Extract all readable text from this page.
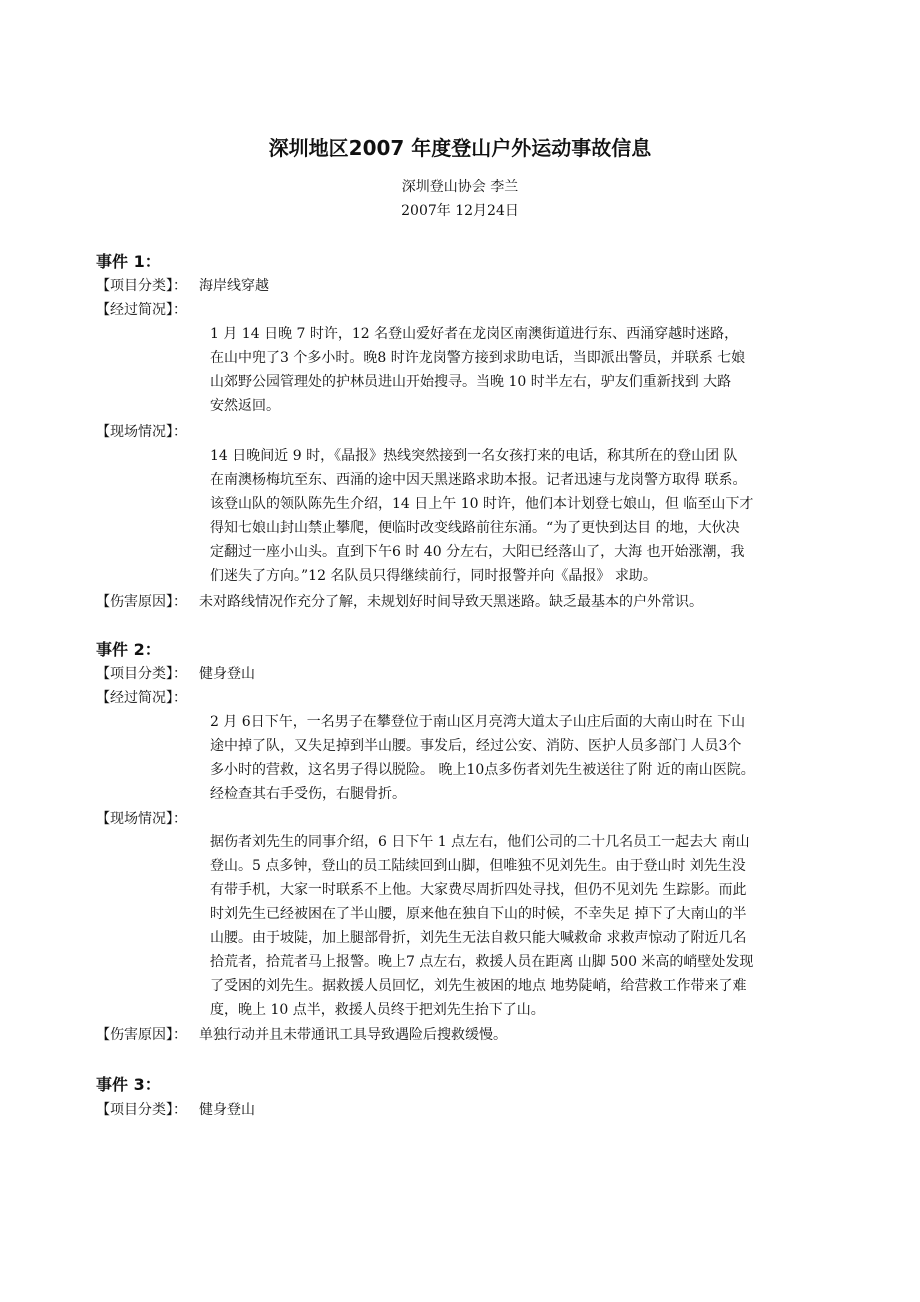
深圳地区2007 年度登山户外运动事故信息
深圳登山协会 李兰
2007年 12月24日
事件 1：
【项目分类】： 海岸线穿越
【经过简况】：
1 月 14 日晚 7 时许，12 名登山爱好者在龙岗区南澳街道进行东、西涌穿越时迷路，
在山中兜了3 个多小时。晚8 时许龙岗警方接到求助电话，当即派出警员，并联系 七娘
山郊野公园管理处的护林员进山开始搜寻。当晚 10 时半左右，驴友们重新找到 大路
安然返回。
【现场情况】：
14 日晚间近 9 时，《晶报》热线突然接到一名女孩打来的电话，称其所在的登山团 队
在南澳杨梅坑至东、西涌的途中因天黑迷路求助本报。记者迅速与龙岗警方取得 联系。
该登山队的领队陈先生介绍，14 日上午 10 时许，他们本计划登七娘山，但 临至山下才
得知七娘山封山禁止攀爬，便临时改变线路前往东涌。“为了更快到达目 的地，大伙决
定翻过一座小山头。直到下午6 时 40 分左右，大阳已经落山了，大海 也开始涨潮，我
们迷失了方向。”12 名队员只得继续前行，同时报警并向《晶报》 求助。
【伤害原因】： 未对路线情况作充分了解，未规划好时间导致天黑迷路。缺乏最基本的户外常识。
事件 2：
【项目分类】： 健身登山
【经过简况】：
2 月 6日下午，一名男子在攀登位于南山区月亮湾大道太子山庄后面的大南山时在 下山
途中掉了队，又失足掉到半山腰。事发后，经过公安、消防、医护人员多部门 人员3个
多小时的营救，这名男子得以脱险。 晚上10点多伤者刘先生被送往了附 近的南山医院。
经检查其右手受伤，右腿骨折。
【现场情况】：
据伤者刘先生的同事介绍，6 日下午 1 点左右，他们公司的二十几名员工一起去大 南山
登山。5 点多钟，登山的员工陆续回到山脚，但唯独不见刘先生。由于登山时 刘先生没
有带手机，大家一时联系不上他。大家费尽周折四处寻找，但仍不见刘先 生踪影。而此
时刘先生已经被困在了半山腰，原来他在独自下山的时候，不幸失足 掉下了大南山的半
山腰。由于坡陡，加上腿部骨折，刘先生无法自救只能大喊救命 求救声惊动了附近几名
拾荒者，拾荒者马上报警。晚上7 点左右，救援人员在距离 山脚 500 米高的峭壁处发现
了受困的刘先生。据救援人员回忆，刘先生被困的地点 地势陡峭，给营救工作带来了难
度，晚上 10 点半，救援人员终于把刘先生抬下了山。
【伤害原因】： 单独行动并且未带通讯工具导致遇险后搜救缓慢。
事件 3：
【项目分类】： 健身登山
